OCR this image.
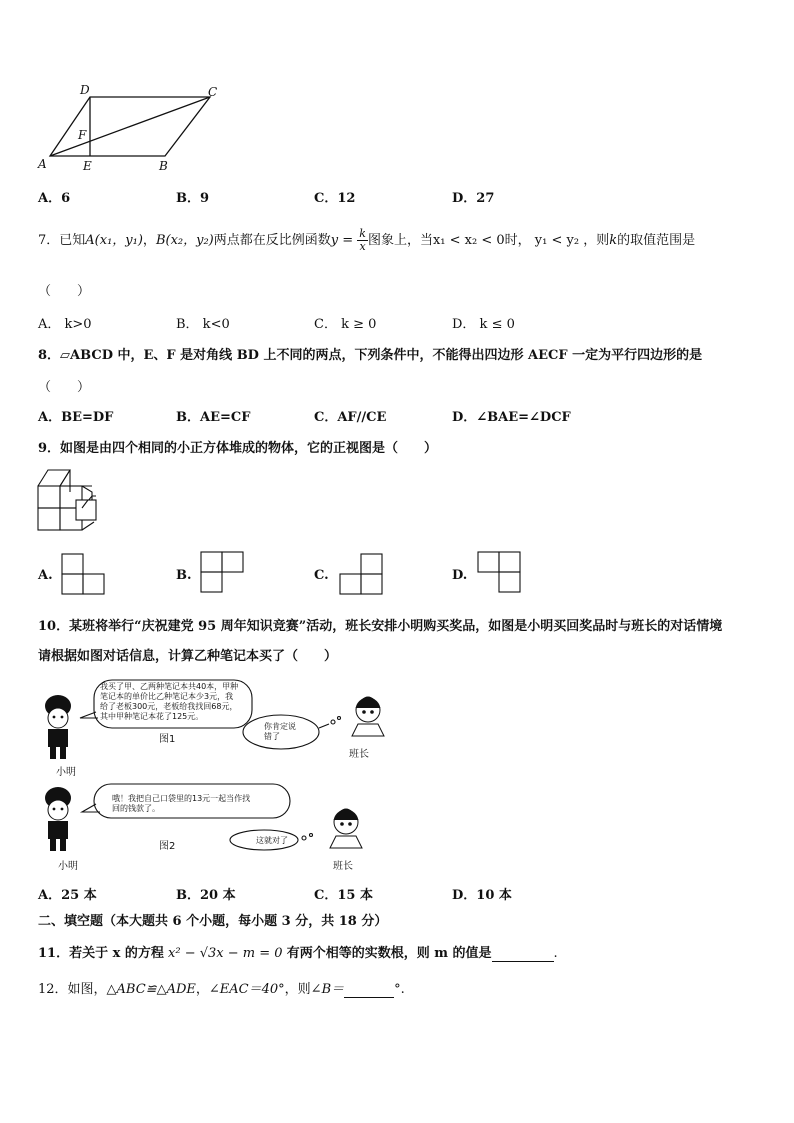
A
D	C
B
E
F
A．6	B．9	C．12	D．27
7．已知A(x₁，y₁)，B(x₂，y₂)两点都在反比例函数$y = \frac{k}{x}$ 图象上，当x₁ < x₂ < 0时， y₁ < y₂ ，则k的取值范围是
（　　）
A． k>0	B． k<0	C． k ≥ 0	D． k ≤ 0
8．▱ABCD 中，E、F 是对角线 BD 上不同的两点，下列条件中，不能得出四边形 AECF 一定为平行四边形的是
（　　）
A．BE=DF	B．AE=CF	C．AF//CE	D．∠BAE=∠DCF
9．如图是由四个相同的小正方体堆成的物体，它的正视图是（　　）
A.	B.	C.	D.
10．某班将举行“庆祝建党 95 周年知识竞赛”活动，班长安排小明购买奖品，如图是小明买回奖品时与班长的对话情境
请根据如图对话信息，计算乙种笔记本买了（　　）
我买了甲、乙两种笔记本共40本，甲种
笔记本的单价比乙种笔记本少3元，我
给了老板300元，老板给我找回68元，
其中甲种笔记本花了125元。
你肯定说
错了
哦！我把自己口袋里的13元一起当作找
回的钱款了。
这就对了
图1
图2
小明
班长
小明	班长
A．25 本	B．20 本	C．15 本	D．10 本
二、填空题（本大题共 6 个小题，每小题 3 分，共 18 分）
11．若关于 x 的方程 x² − √3x − m = 0 有两个相等的实数根，则 m 的值是	.
12．如图，△ABC≌△ADE，∠EAC＝40°，则∠B＝	°.
